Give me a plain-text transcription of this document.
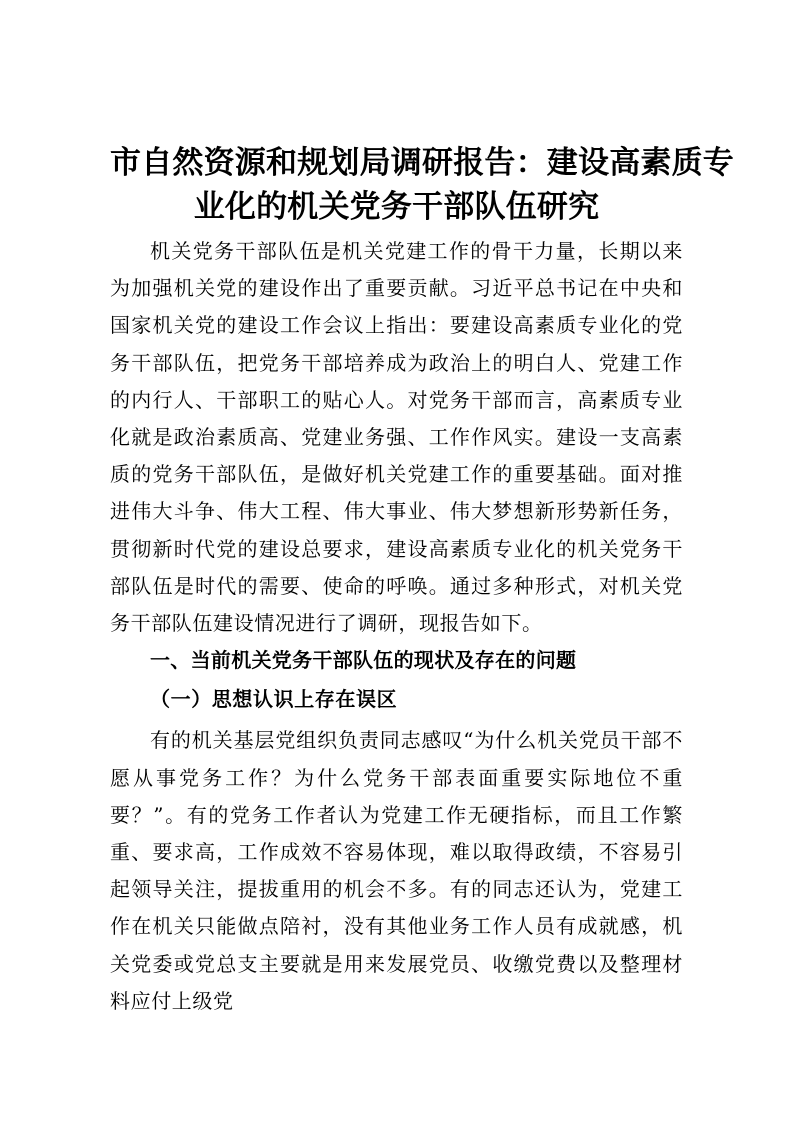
市自然资源和规划局调研报告：建设高素质专
业化的机关党务干部队伍研究

机关党务干部队伍是机关党建工作的骨干力量，长期以来为加强机关党的建设作出了重要贡献。习近平总书记在中央和国家机关党的建设工作会议上指出：要建设高素质专业化的党务干部队伍，把党务干部培养成为政治上的明白人、党建工作的内行人、干部职工的贴心人。对党务干部而言，高素质专业化就是政治素质高、党建业务强、工作作风实。建设一支高素质的党务干部队伍，是做好机关党建工作的重要基础。面对推进伟大斗争、伟大工程、伟大事业、伟大梦想新形势新任务，贯彻新时代党的建设总要求，建设高素质专业化的机关党务干部队伍是时代的需要、使命的呼唤。通过多种形式，对机关党务干部队伍建设情况进行了调研，现报告如下。

一、当前机关党务干部队伍的现状及存在的问题
（一）思想认识上存在误区

有的机关基层党组织负责同志感叹“为什么机关党员干部不愿从事党务工作？为什么党务干部表面重要实际地位不重要？”。有的党务工作者认为党建工作无硬指标，而且工作繁重、要求高，工作成效不容易体现，难以取得政绩，不容易引起领导关注，提拔重用的机会不多。有的同志还认为，党建工作在机关只能做点陪衬，没有其他业务工作人员有成就感，机关党委或党总支主要就是用来发展党员、收缴党费以及整理材料应付上级党
